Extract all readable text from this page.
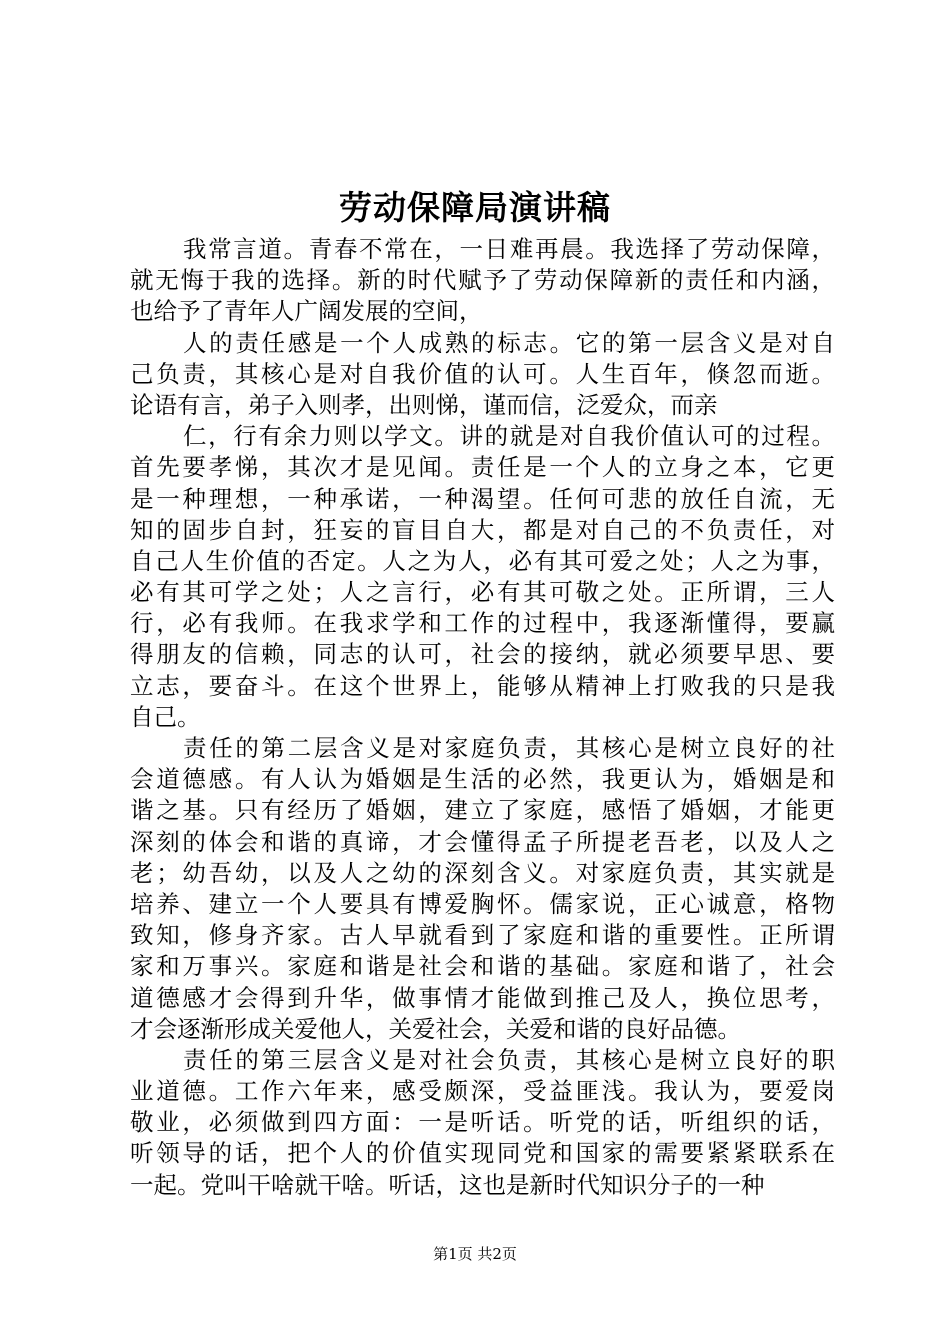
劳动保障局演讲稿
我常言道。青春不常在，一日难再晨。我选择了劳动保障，
就无悔于我的选择。新的时代赋予了劳动保障新的责任和内涵，
也给予了青年人广阔发展的空间，
人的责任感是一个人成熟的标志。它的第一层含义是对自
己负责，其核心是对自我价值的认可。人生百年，倏忽而逝。
论语有言，弟子入则孝，出则悌，谨而信，泛爱众，而亲
仁，行有余力则以学文。讲的就是对自我价值认可的过程。
首先要孝悌，其次才是见闻。责任是一个人的立身之本，它更
是一种理想，一种承诺，一种渴望。任何可悲的放任自流，无
知的固步自封，狂妄的盲目自大，都是对自己的不负责任，对
自己人生价值的否定。人之为人，必有其可爱之处；人之为事，
必有其可学之处；人之言行，必有其可敬之处。正所谓，三人
行，必有我师。在我求学和工作的过程中，我逐渐懂得，要赢
得朋友的信赖，同志的认可，社会的接纳，就必须要早思、要
立志，要奋斗。在这个世界上，能够从精神上打败我的只是我
自己。
责任的第二层含义是对家庭负责，其核心是树立良好的社
会道德感。有人认为婚姻是生活的必然，我更认为，婚姻是和
谐之基。只有经历了婚姻，建立了家庭，感悟了婚姻，才能更
深刻的体会和谐的真谛，才会懂得孟子所提老吾老，以及人之
老；幼吾幼，以及人之幼的深刻含义。对家庭负责，其实就是
培养、建立一个人要具有博爱胸怀。儒家说，正心诚意，格物
致知，修身齐家。古人早就看到了家庭和谐的重要性。正所谓
家和万事兴。家庭和谐是社会和谐的基础。家庭和谐了，社会
道德感才会得到升华，做事情才能做到推己及人，换位思考，
才会逐渐形成关爱他人，关爱社会，关爱和谐的良好品德。
责任的第三层含义是对社会负责，其核心是树立良好的职
业道德。工作六年来，感受颇深，受益匪浅。我认为，要爱岗
敬业，必须做到四方面：一是听话。听党的话，听组织的话，
听领导的话，把个人的价值实现同党和国家的需要紧紧联系在
一起。党叫干啥就干啥。听话，这也是新时代知识分子的一种
第1页 共2页
